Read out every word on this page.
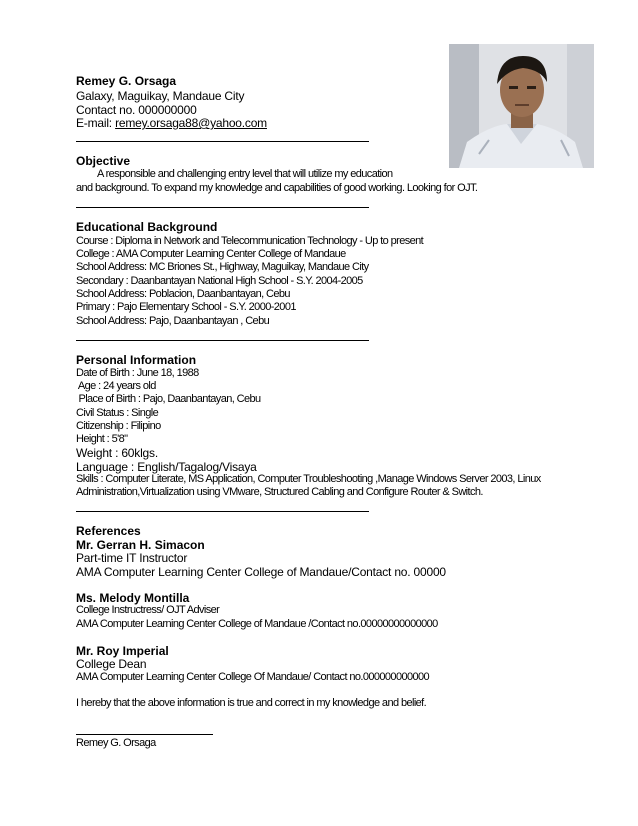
Remey G. Orsaga
Galaxy, Maguikay, Mandaue City
Contact no. 000000000
E-mail: remey.orsaga88@yahoo.com
Objective
A responsible and challenging entry level that will utilize my education
and background. To expand my knowledge and capabilities of good working. Looking for OJT.
Educational Background
Course : Diploma in Network and Telecommunication Technology - Up to present
College : AMA Computer Learning Center College of Mandaue
School Address: MC Briones St., Highway, Maguikay, Mandaue City
Secondary : Daanbantayan National High School - S.Y. 2004-2005
School Address: Poblacion, Daanbantayan, Cebu
Primary : Pajo Elementary School - S.Y. 2000-2001
School Address: Pajo, Daanbantayan , Cebu
Personal Information
Date of Birth : June 18, 1988
Age : 24 years old
Place of Birth : Pajo, Daanbantayan, Cebu
Civil Status : Single
Citizenship : Filipino
Height : 5'8"
Weight : 60klgs.
Language : English/Tagalog/Visaya
Skills : Computer Literate, MS Application, Computer Troubleshooting ,Manage Windows Server 2003, Linux
Administration,Virtualization using VMware, Structured Cabling and Configure Router & Switch.
References
Mr. Gerran H. Simacon
Part-time IT Instructor
AMA Computer Learning Center College of Mandaue/Contact no. 00000
Ms. Melody Montilla
College Instructress/ OJT Adviser
AMA Computer Learning Center College of Mandaue /Contact no.00000000000000
Mr. Roy Imperial
College Dean
AMA Computer Learning Center College Of Mandaue/ Contact no.000000000000
I hereby that the above information is true and correct in my knowledge and belief.
Remey G. Orsaga
